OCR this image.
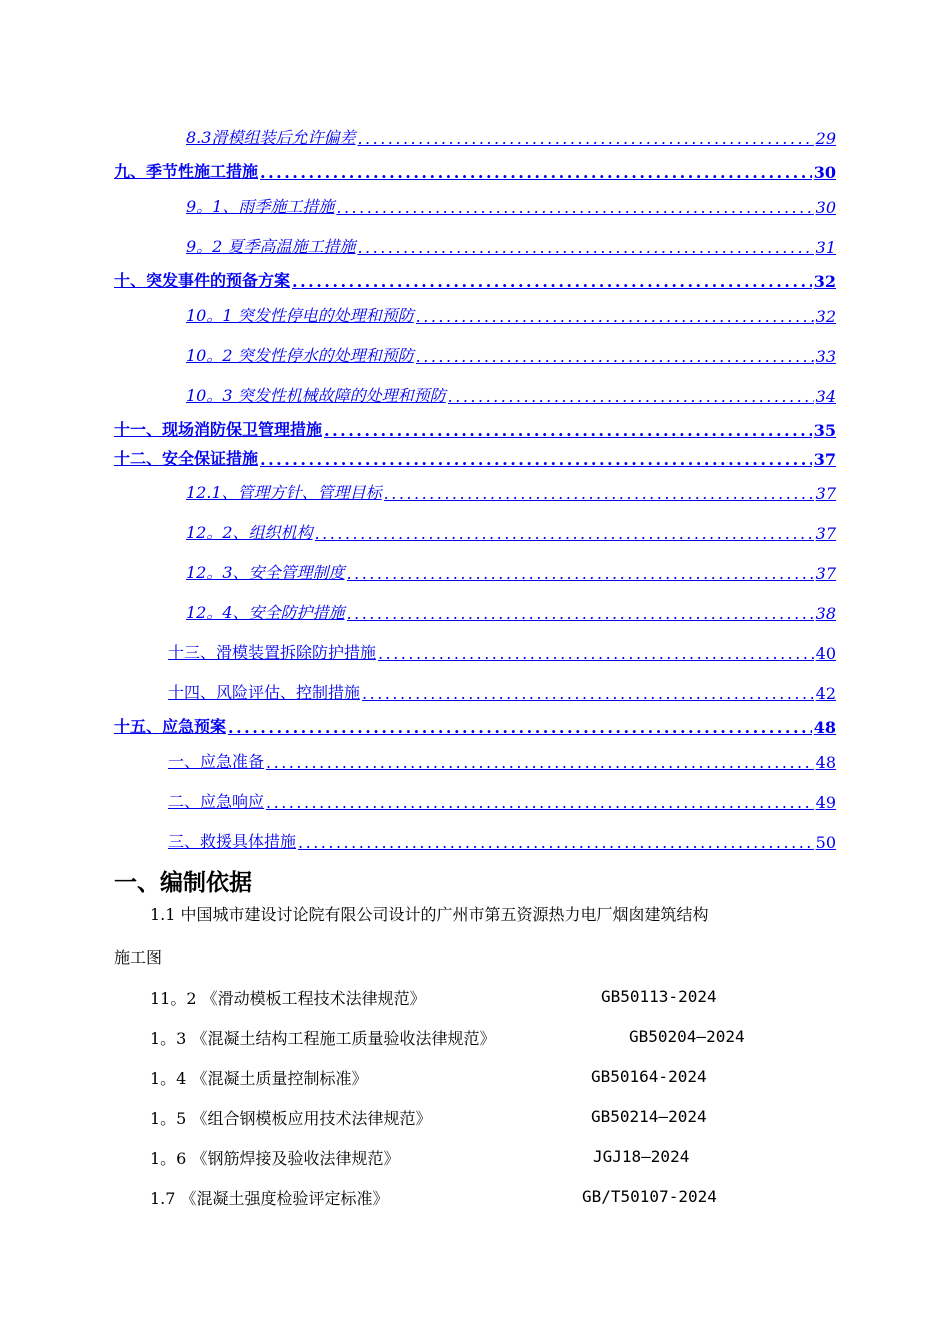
8.3滑模组装后允许偏差 .....	29
九、季节性施工措施 .....	30
9。1、雨季施工措施 .....	30
9。2 夏季高温施工措施 .....	31
十、突发事件的预备方案 .....	32
10。1 突发性停电的处理和预防 .....	32
10。2 突发性停水的处理和预防 .....	33
10。3 突发性机械故障的处理和预防 .....	34
十一、现场消防保卫管理措施 .....	35
十二、安全保证措施 .....	37
12.1、管理方针、管理目标 .....	37
12。2、组织机构 .....	37
12。3、安全管理制度 .....	37
12。4、安全防护措施 .....	38
十三、滑模装置拆除防护措施 .....	40
十四、风险评估、控制措施 .....	42
十五、应急预案 .....	48
一、应急准备 .....	48
二、应急响应 .....	49
三、救援具体措施 .....	50
一、编制依据
1.1 中国城市建设讨论院有限公司设计的广州市第五资源热力电厂烟囱建筑结构
施工图
11。2 《滑动模板工程技术法律规范》	GB50113-2024
1。3 《混凝土结构工程施工质量验收法律规范》	GB50204—2024
1。4 《混凝土质量控制标准》	GB50164-2024
1。5 《组合钢模板应用技术法律规范》	GB50214—2024
1。6 《钢筋焊接及验收法律规范》	JGJ18—2024
1.7 《混凝土强度检验评定标准》	GB/T50107-2024
